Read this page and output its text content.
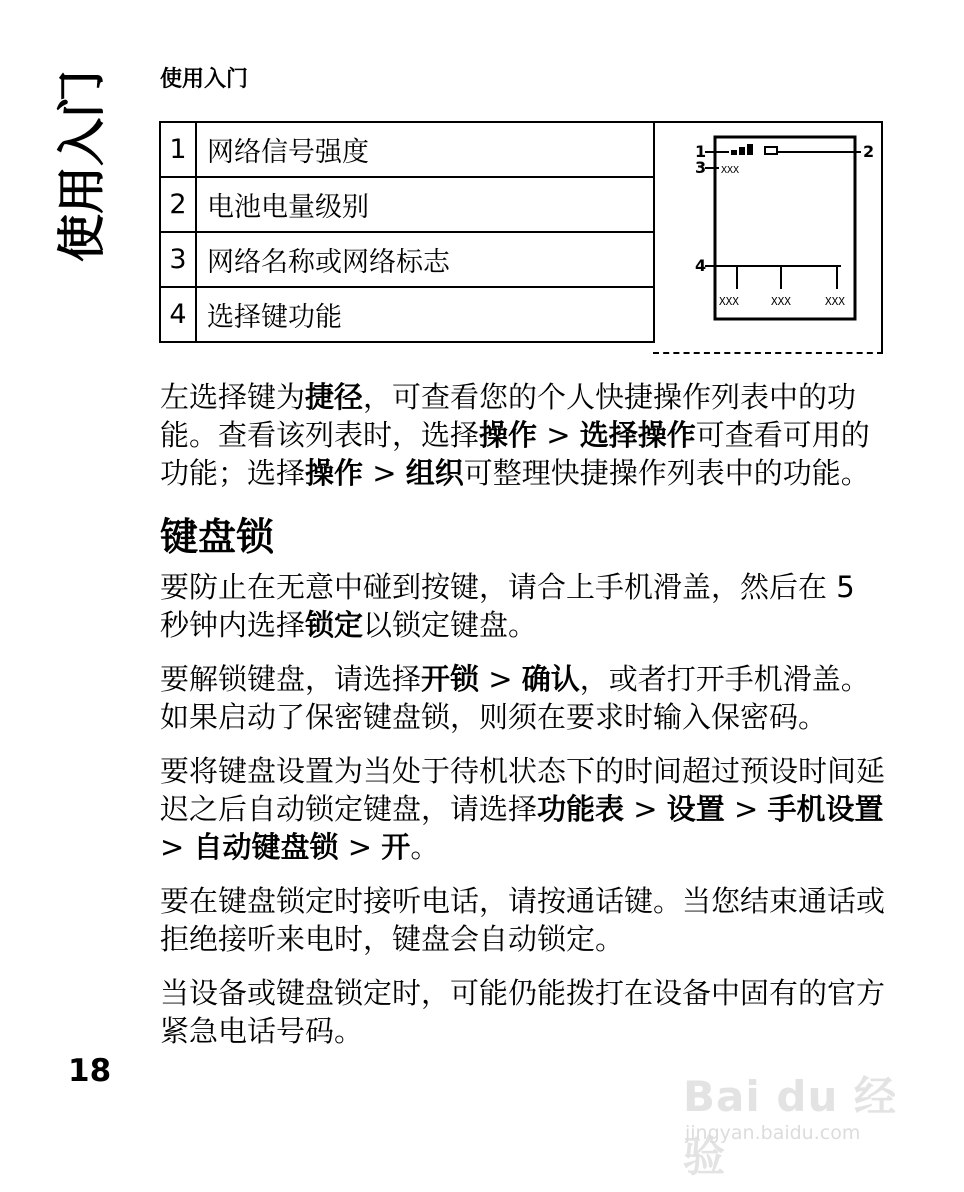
使用入门 使用入门
1	网络信号强度
2	电池电量级别
3	网络名称或网络标志
4	选择键功能
1	2
3
4
XXX
XXX	XXX	XXX

左选择键为捷径，可查看您的个人快捷操作列表中的功能。查看该列表时，选择操作 > 选择操作可查看可用的功能；选择操作 > 组织可整理快捷操作列表中的功能。

键盘锁

要防止在无意中碰到按键，请合上手机滑盖，然后在 5 秒钟内选择锁定以锁定键盘。

要解锁键盘，请选择开锁 > 确认，或者打开手机滑盖。如果启动了保密键盘锁，则须在要求时输入保密码。

要将键盘设置为当处于待机状态下的时间超过预设时间延迟之后自动锁定键盘，请选择功能表 > 设置 > 手机设置 > 自动键盘锁 > 开。

要在键盘锁定时接听电话，请按通话键。当您结束通话或拒绝接听来电时，键盘会自动锁定。

当设备或键盘锁定时，可能仍能拨打在设备中固有的官方紧急电话号码。

18
Bai du 经验
jingyan.baidu.com
